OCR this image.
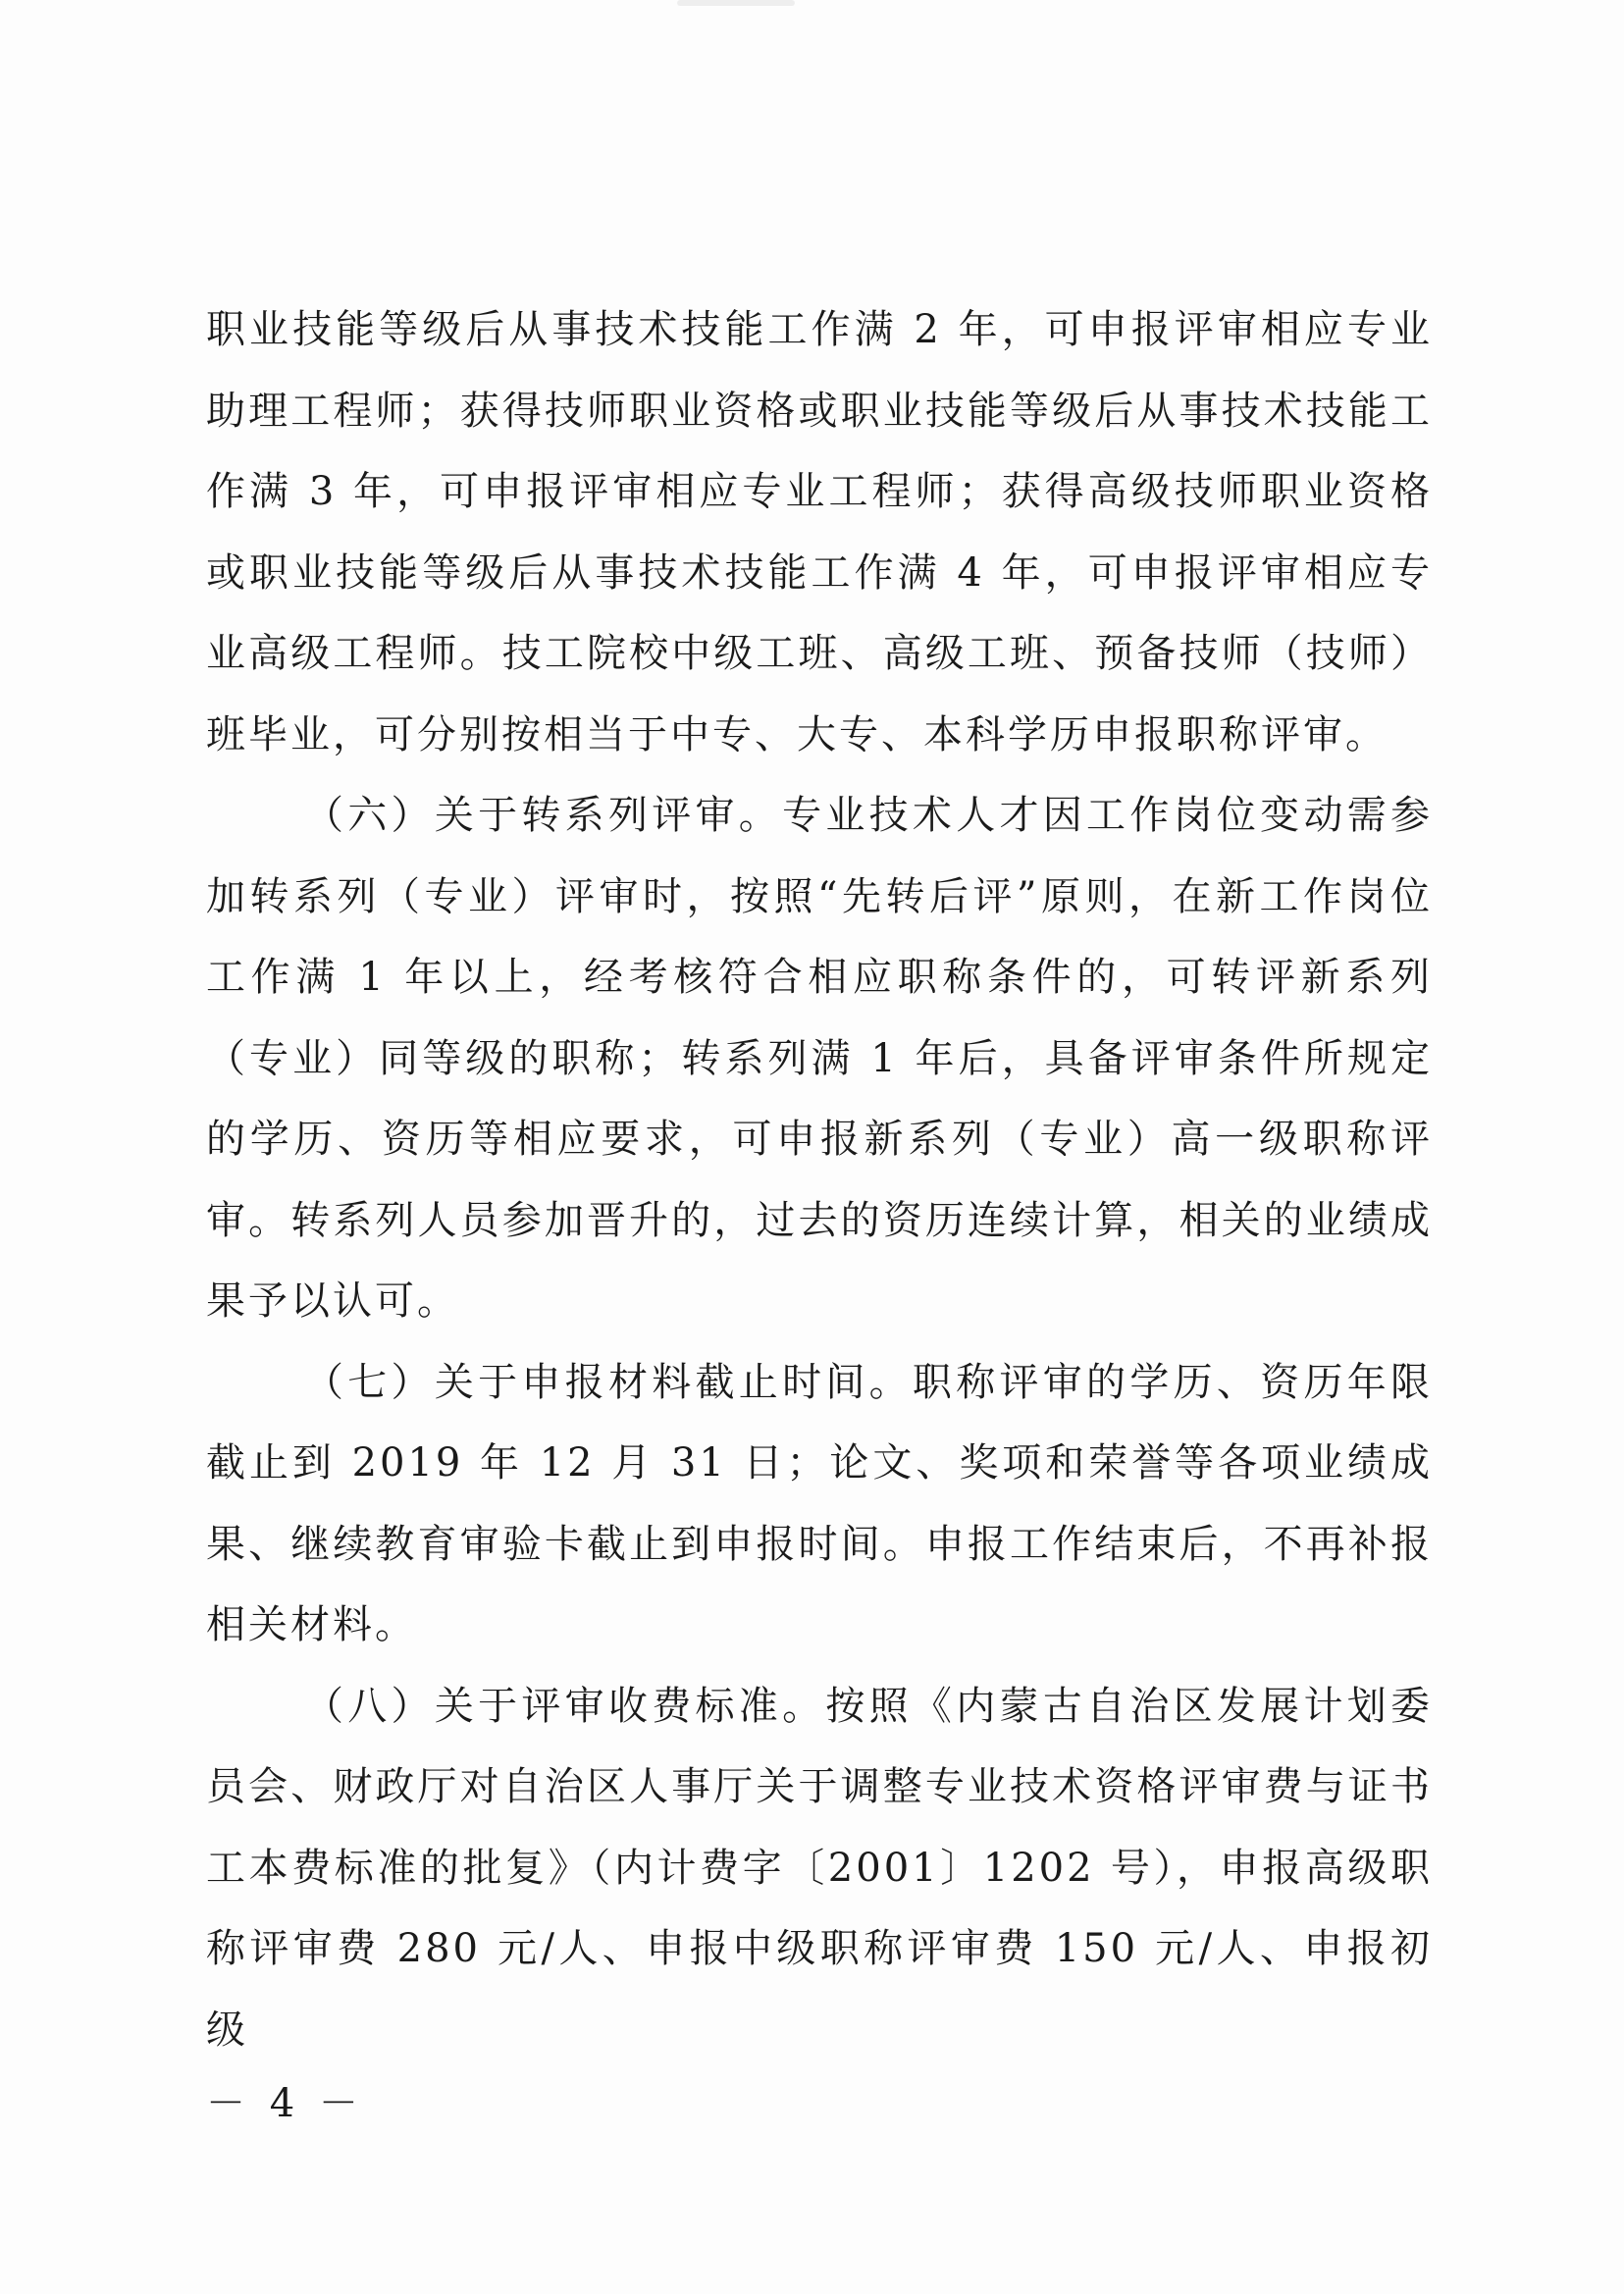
职业技能等级后从事技术技能工作满 2 年，可申报评审相应专业助理工程师；获得技师职业资格或职业技能等级后从事技术技能工作满 3 年，可申报评审相应专业工程师；获得高级技师职业资格或职业技能等级后从事技术技能工作满 4 年，可申报评审相应专业高级工程师。技工院校中级工班、高级工班、预备技师（技师）班毕业，可分别按相当于中专、大专、本科学历申报职称评审。

（六）关于转系列评审。专业技术人才因工作岗位变动需参加转系列（专业）评审时，按照“先转后评”原则，在新工作岗位工作满 1 年以上，经考核符合相应职称条件的，可转评新系列（专业）同等级的职称；转系列满 1 年后，具备评审条件所规定的学历、资历等相应要求，可申报新系列（专业）高一级职称评审。转系列人员参加晋升的，过去的资历连续计算，相关的业绩成果予以认可。

（七）关于申报材料截止时间。职称评审的学历、资历年限截止到 2019 年 12 月 31 日；论文、奖项和荣誉等各项业绩成果、继续教育审验卡截止到申报时间。申报工作结束后，不再补报相关材料。

（八）关于评审收费标准。按照《内蒙古自治区发展计划委员会、财政厅对自治区人事厅关于调整专业技术资格评审费与证书工本费标准的批复》（内计费字〔2001〕1202 号），申报高级职称评审费 280 元/人、申报中级职称评审费 150 元/人、申报初级

－ 4 －
